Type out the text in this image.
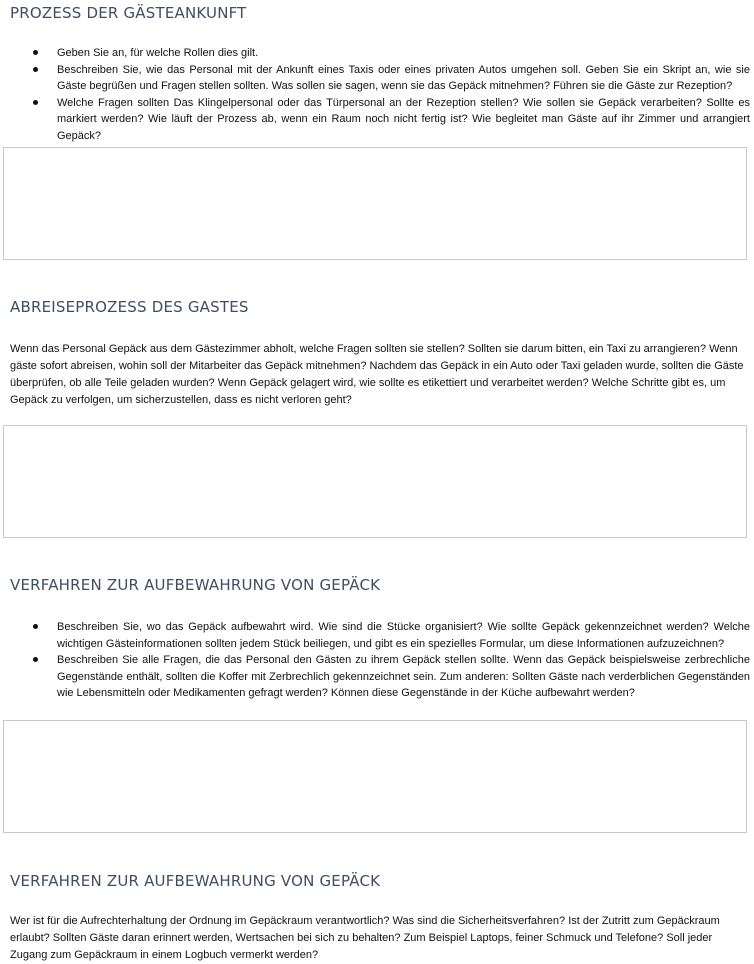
PROZESS DER GÄSTEANKUNFT
Geben Sie an, für welche Rollen dies gilt.
Beschreiben Sie, wie das Personal mit der Ankunft eines Taxis oder eines privaten Autos umgehen soll. Geben Sie ein Skript an, wie sie Gäste begrüßen und Fragen stellen sollten. Was sollen sie sagen, wenn sie das Gepäck mitnehmen? Führen sie die Gäste zur Rezeption?
Welche Fragen sollten Das Klingelpersonal oder das Türpersonal an der Rezeption stellen? Wie sollen sie Gepäck verarbeiten? Sollte es markiert werden? Wie läuft der Prozess ab, wenn ein Raum noch nicht fertig ist? Wie begleitet man Gäste auf ihr Zimmer und arrangiert Gepäck?
ABREISEPROZESS DES GASTES

Wenn das Personal Gepäck aus dem Gästezimmer abholt, welche Fragen sollten sie stellen? Sollten sie darum bitten, ein Taxi zu arrangieren? Wenn gäste sofort abreisen, wohin soll der Mitarbeiter das Gepäck mitnehmen? Nachdem das Gepäck in ein Auto oder Taxi geladen wurde, sollten die Gäste überprüfen, ob alle Teile geladen wurden? Wenn Gepäck gelagert wird, wie sollte es etikettiert und verarbeitet werden? Welche Schritte gibt es, um Gepäck zu verfolgen, um sicherzustellen, dass es nicht verloren geht?

VERFAHREN ZUR AUFBEWAHRUNG VON GEPÄCK
Beschreiben Sie, wo das Gepäck aufbewahrt wird. Wie sind die Stücke organisiert? Wie sollte Gepäck gekennzeichnet werden? Welche wichtigen Gästeinformationen sollten jedem Stück beiliegen, und gibt es ein spezielles Formular, um diese Informationen aufzuzeichnen?
Beschreiben Sie alle Fragen, die das Personal den Gästen zu ihrem Gepäck stellen sollte. Wenn das Gepäck beispielsweise zerbrechliche Gegenstände enthält, sollten die Koffer mit Zerbrechlich gekennzeichnet sein. Zum anderen: Sollten Gäste nach verderblichen Gegenständen wie Lebensmitteln oder Medikamenten gefragt werden? Können diese Gegenstände in der Küche aufbewahrt werden?
VERFAHREN ZUR AUFBEWAHRUNG VON GEPÄCK

Wer ist für die Aufrechterhaltung der Ordnung im Gepäckraum verantwortlich? Was sind die Sicherheitsverfahren? Ist der Zutritt zum Gepäckraum erlaubt? Sollten Gäste daran erinnert werden, Wertsachen bei sich zu behalten? Zum Beispiel Laptops, feiner Schmuck und Telefone? Soll jeder Zugang zum Gepäckraum in einem Logbuch vermerkt werden?
